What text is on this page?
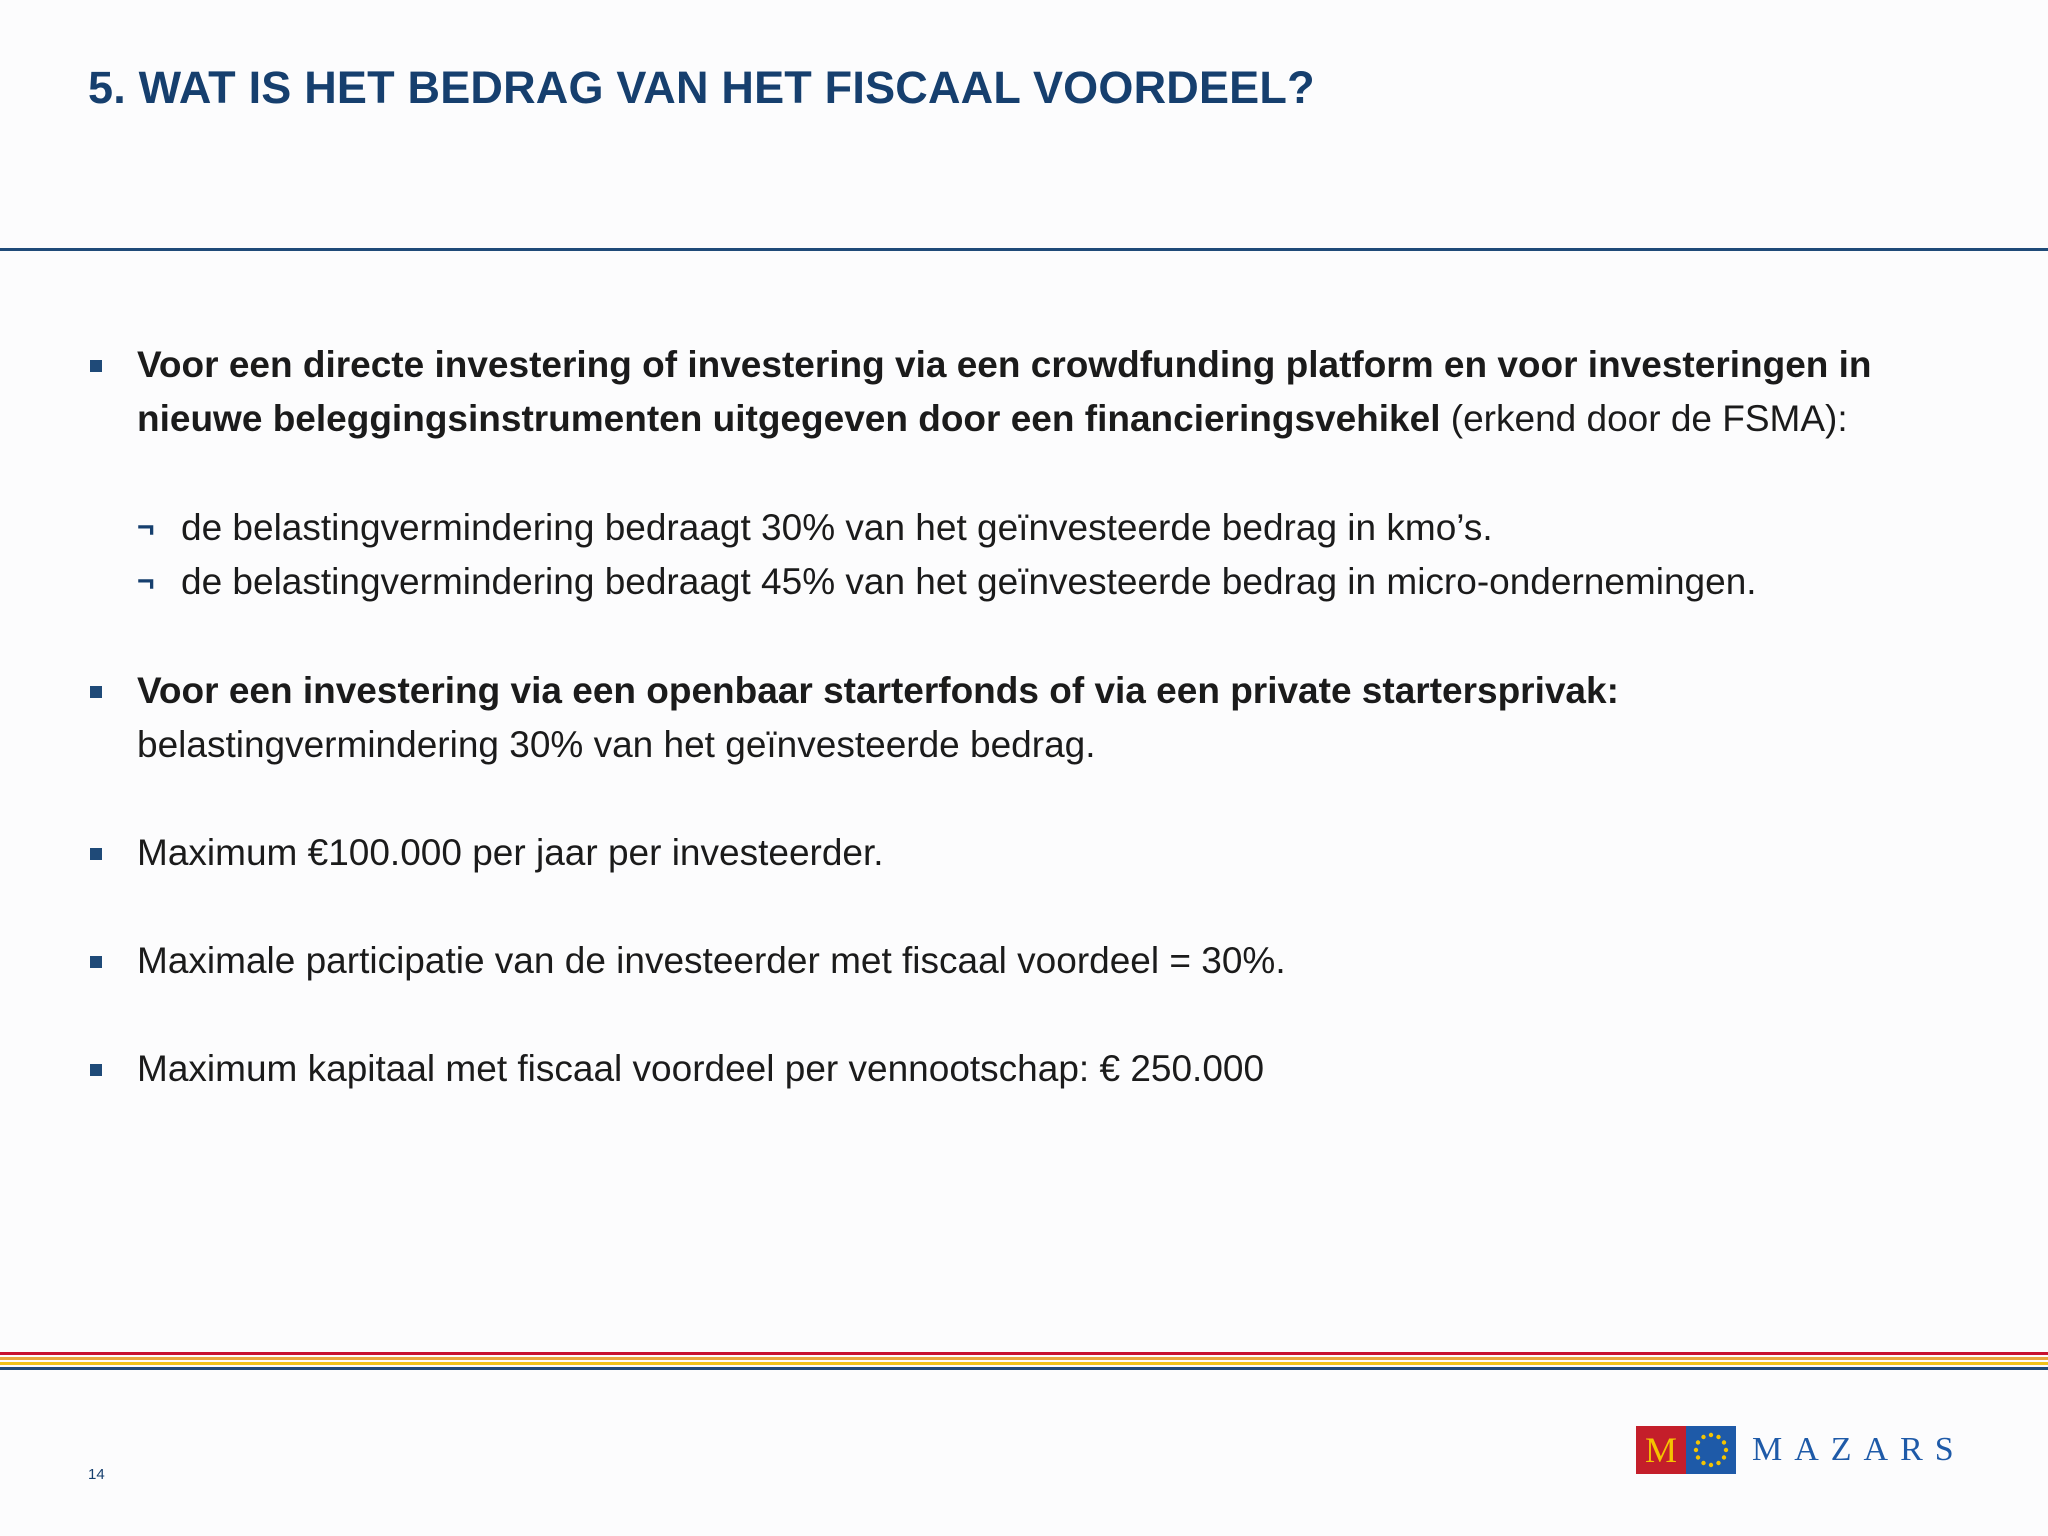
5. WAT IS HET BEDRAG VAN HET FISCAAL VOORDEEL?
Voor een directe investering of investering via een crowdfunding platform en voor investeringen in nieuwe beleggingsinstrumenten uitgegeven door een financieringsvehikel (erkend door de FSMA):
¬ de belastingvermindering bedraagt 30% van het geïnvesteerde bedrag in kmo’s.
¬ de belastingvermindering bedraagt 45% van het geïnvesteerde bedrag in micro-ondernemingen.
Voor een investering via een openbaar starterfonds of via een private startersprivak: belastingvermindering 30% van het geïnvesteerde bedrag.
Maximum €100.000 per jaar per investeerder.
Maximale participatie van de investeerder met fiscaal voordeel = 30%.
Maximum kapitaal met fiscaal voordeel per vennootschap: € 250.000
14
M MAZARS
